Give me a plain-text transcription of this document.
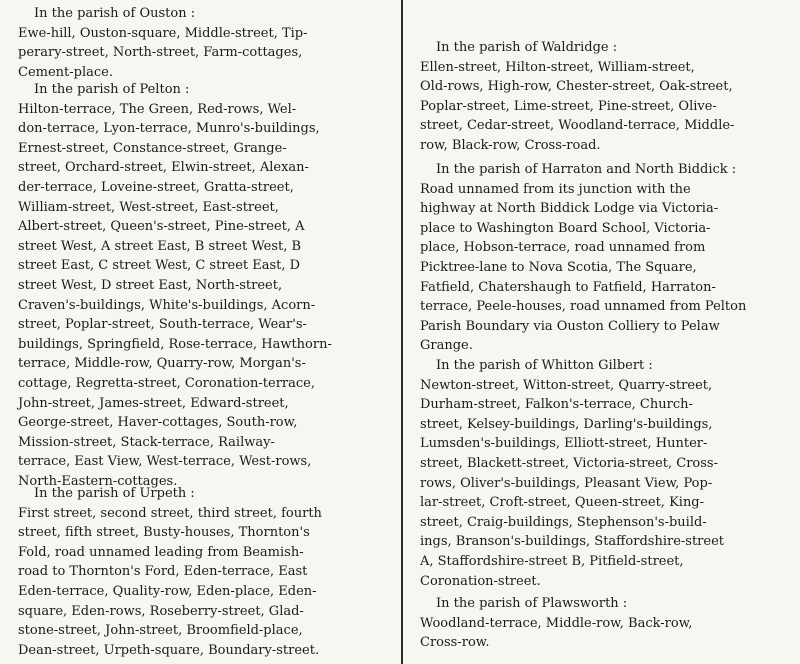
In the parish of Ouston :

Ewe-hill, Ouston-square, Middle-street, Tip-
perary-street, North-street, Farm-cottages,
Cement-place.

In the parish of Pelton :

Hilton-terrace, The Green, Red-rows, Wel-
don-terrace, Lyon-terrace, Munro's-buildings,
Ernest-street, Constance-street, Grange-
street, Orchard-street, Elwin-street, Alexan-
der-terrace, Loveine-street, Gratta-street,
William-street, West-street, East-street,
Albert-street, Queen's-street, Pine-street, A
street West, A street East, B street West, B
street East, C street West, C street East, D
street West, D street East, North-street,
Craven's-buildings, White's-buildings, Acorn-
street, Poplar-street, South-terrace, Wear's-
buildings, Springfield, Rose-terrace, Hawthorn-
terrace, Middle-row, Quarry-row, Morgan's-
cottage, Regretta-street, Coronation-terrace,
John-street, James-street, Edward-street,
George-street, Haver-cottages, South-row,
Mission-street, Stack-terrace, Railway-
terrace, East View, West-terrace, West-rows,
North-Eastern-cottages.

In the parish of Urpeth :

First street, second street, third street, fourth
street, fifth street, Busty-houses, Thornton's
Fold, road unnamed leading from Beamish-
road to Thornton's Ford, Eden-terrace, East
Eden-terrace, Quality-row, Eden-place, Eden-
square, Eden-rows, Roseberry-street, Glad-
stone-street, John-street, Broomfield-place,
Dean-street, Urpeth-square, Boundary-street.

In the parish of Waldridge :

Ellen-street, Hilton-street, William-street,
Old-rows, High-row, Chester-street, Oak-street,
Poplar-street, Lime-street, Pine-street, Olive-
street, Cedar-street, Woodland-terrace, Middle-
row, Black-row, Cross-road.

In the parish of Harraton and North Biddick :

Road unnamed from its junction with the
highway at North Biddick Lodge via Victoria-
place to Washington Board School, Victoria-
place, Hobson-terrace, road unnamed from
Picktree-lane to Nova Scotia, The Square,
Fatfield, Chatershaugh to Fatfield, Harraton-
terrace, Peele-houses, road unnamed from Pelton
Parish Boundary via Ouston Colliery to Pelaw
Grange.

In the parish of Whitton Gilbert :

Newton-street, Witton-street, Quarry-street,
Durham-street, Falkon's-terrace, Church-
street, Kelsey-buildings, Darling's-buildings,
Lumsden's-buildings, Elliott-street, Hunter-
street, Blackett-street, Victoria-street, Cross-
rows, Oliver's-buildings, Pleasant View, Pop-
lar-street, Croft-street, Queen-street, King-
street, Craig-buildings, Stephenson's-build-
ings, Branson's-buildings, Staffordshire-street
A, Staffordshire-street B, Pitfield-street,
Coronation-street.

In the parish of Plawsworth :

Woodland-terrace, Middle-row, Back-row,
Cross-row.
